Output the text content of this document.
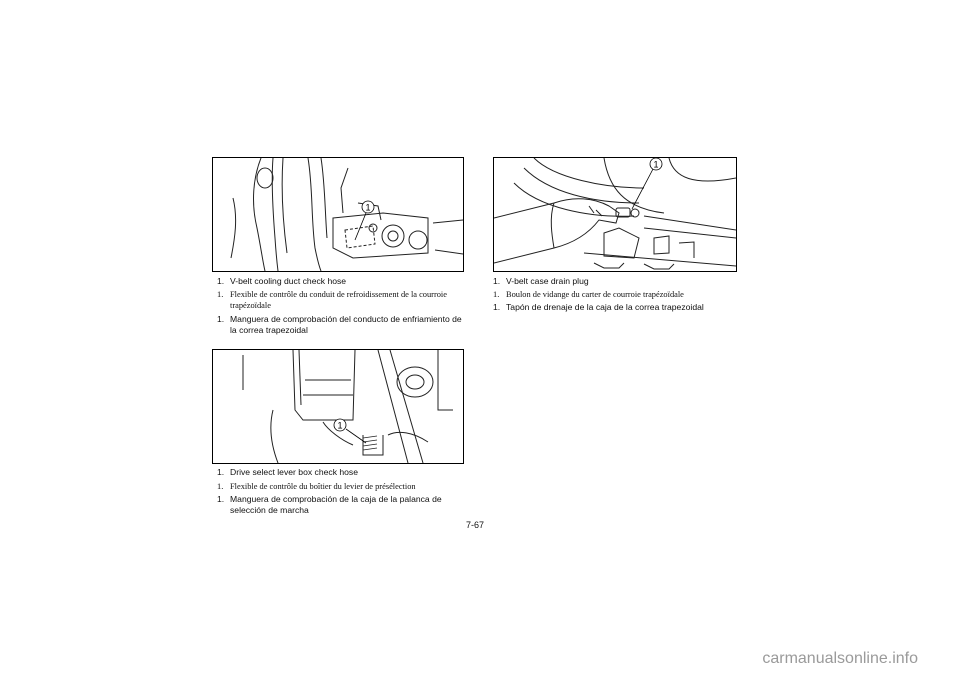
1
1. V-belt cooling duct check hose
1. Flexible de contrôle du conduit de refroidissement de la courroie trapézoïdale
1. Manguera de comprobación del conducto de enfriamiento de la correa trapezoidal
1
1. Drive select lever box check hose
1. Flexible de contrôle du boîtier du levier de présélection
1. Manguera de comprobación de la caja de la palanca de selección de marcha
1
1. V-belt case drain plug
1. Boulon de vidange du carter de courroie trapézoïdale
1. Tapón de drenaje de la caja de la correa trapezoidal
7-67
carmanualsonline.info
